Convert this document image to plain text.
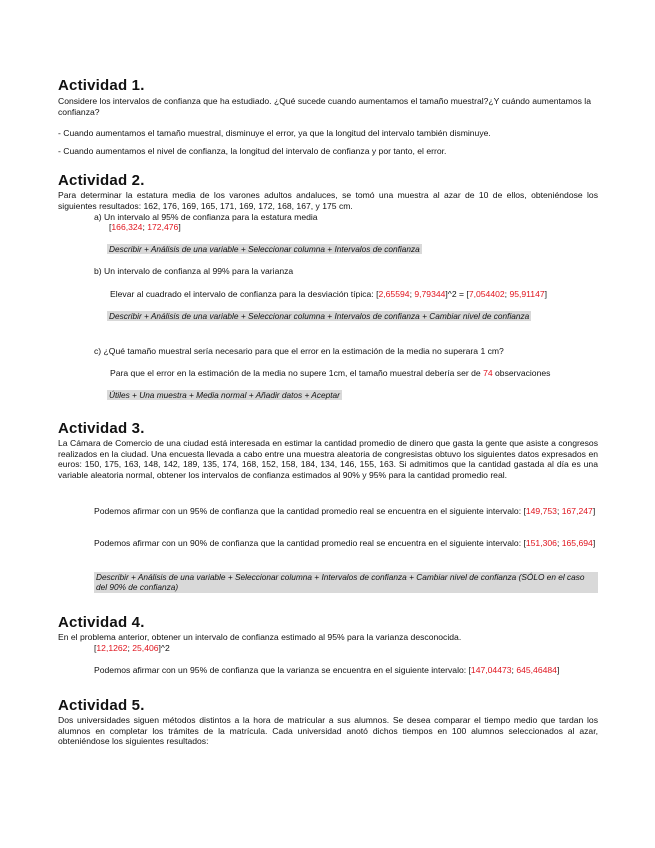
Actividad 1.
Considere los intervalos de confianza que ha estudiado. ¿Qué sucede cuando aumentamos el tamaño muestral?¿Y cuándo aumentamos la confianza?
- Cuando aumentamos el tamaño muestral, disminuye el error, ya que la longitud del intervalo también disminuye.
- Cuando aumentamos el nivel de confianza, la longitud del intervalo de confianza y por tanto, el error.
Actividad 2.
Para determinar la estatura media de los varones adultos andaluces, se tomó una muestra al azar de 10 de ellos, obteniéndose los siguientes resultados: 162, 176, 169, 165, 171, 169, 172, 168, 167, y 175 cm.
a) Un intervalo al 95% de confianza para la estatura media
[166,324; 172,476]
Describir + Análisis de una variable + Seleccionar columna + Intervalos de confianza
b) Un intervalo de confianza al 99% para la varianza
Elevar al cuadrado el intervalo de confianza para la desviación típica: [2,65594; 9,79344]^2 = [7,054402; 95,91147]
Describir + Análisis de una variable + Seleccionar columna + Intervalos de confianza + Cambiar nivel de confianza
c) ¿Qué tamaño muestral sería necesario para que el error en la estimación de la media no superara 1 cm?
Para que el error en la estimación de la media no supere 1cm, el tamaño muestral debería ser de 74 observaciones
Útiles + Una muestra + Media normal + Añadir datos + Aceptar
Actividad 3.
La Cámara de Comercio de una ciudad está interesada en estimar la cantidad promedio de dinero que gasta la gente que asiste a congresos realizados en la ciudad. Una encuesta llevada a cabo entre una muestra aleatoria de congresistas obtuvo los siguientes datos expresados en euros: 150, 175, 163, 148, 142, 189, 135, 174, 168, 152, 158, 184, 134, 146, 155, 163. Si admitimos que la cantidad gastada al día es una variable aleatoria normal, obtener los intervalos de confianza estimados al 90% y 95% para la cantidad promedio real.
Podemos afirmar con un 95% de confianza que la cantidad promedio real se encuentra en el siguiente intervalo: [149,753; 167,247]
Podemos afirmar con un 90% de confianza que la cantidad promedio real se encuentra en el siguiente intervalo: [151,306; 165,694]
Describir + Análisis de una variable + Seleccionar columna + Intervalos de confianza + Cambiar nivel de confianza (SÓLO en el caso del 90% de confianza)
Actividad 4.
En el problema anterior, obtener un intervalo de confianza estimado al 95% para la varianza desconocida.
[12,1262; 25,406]^2
Podemos afirmar con un 95% de confianza que la varianza se encuentra en el siguiente intervalo: [147,04473; 645,46484]
Actividad 5.
Dos universidades siguen métodos distintos a la hora de matricular a sus alumnos. Se desea comparar el tiempo medio que tardan los alumnos en completar los trámites de la matrícula. Cada universidad anotó dichos tiempos en 100 alumnos seleccionados al azar, obteniéndose los siguientes resultados:
